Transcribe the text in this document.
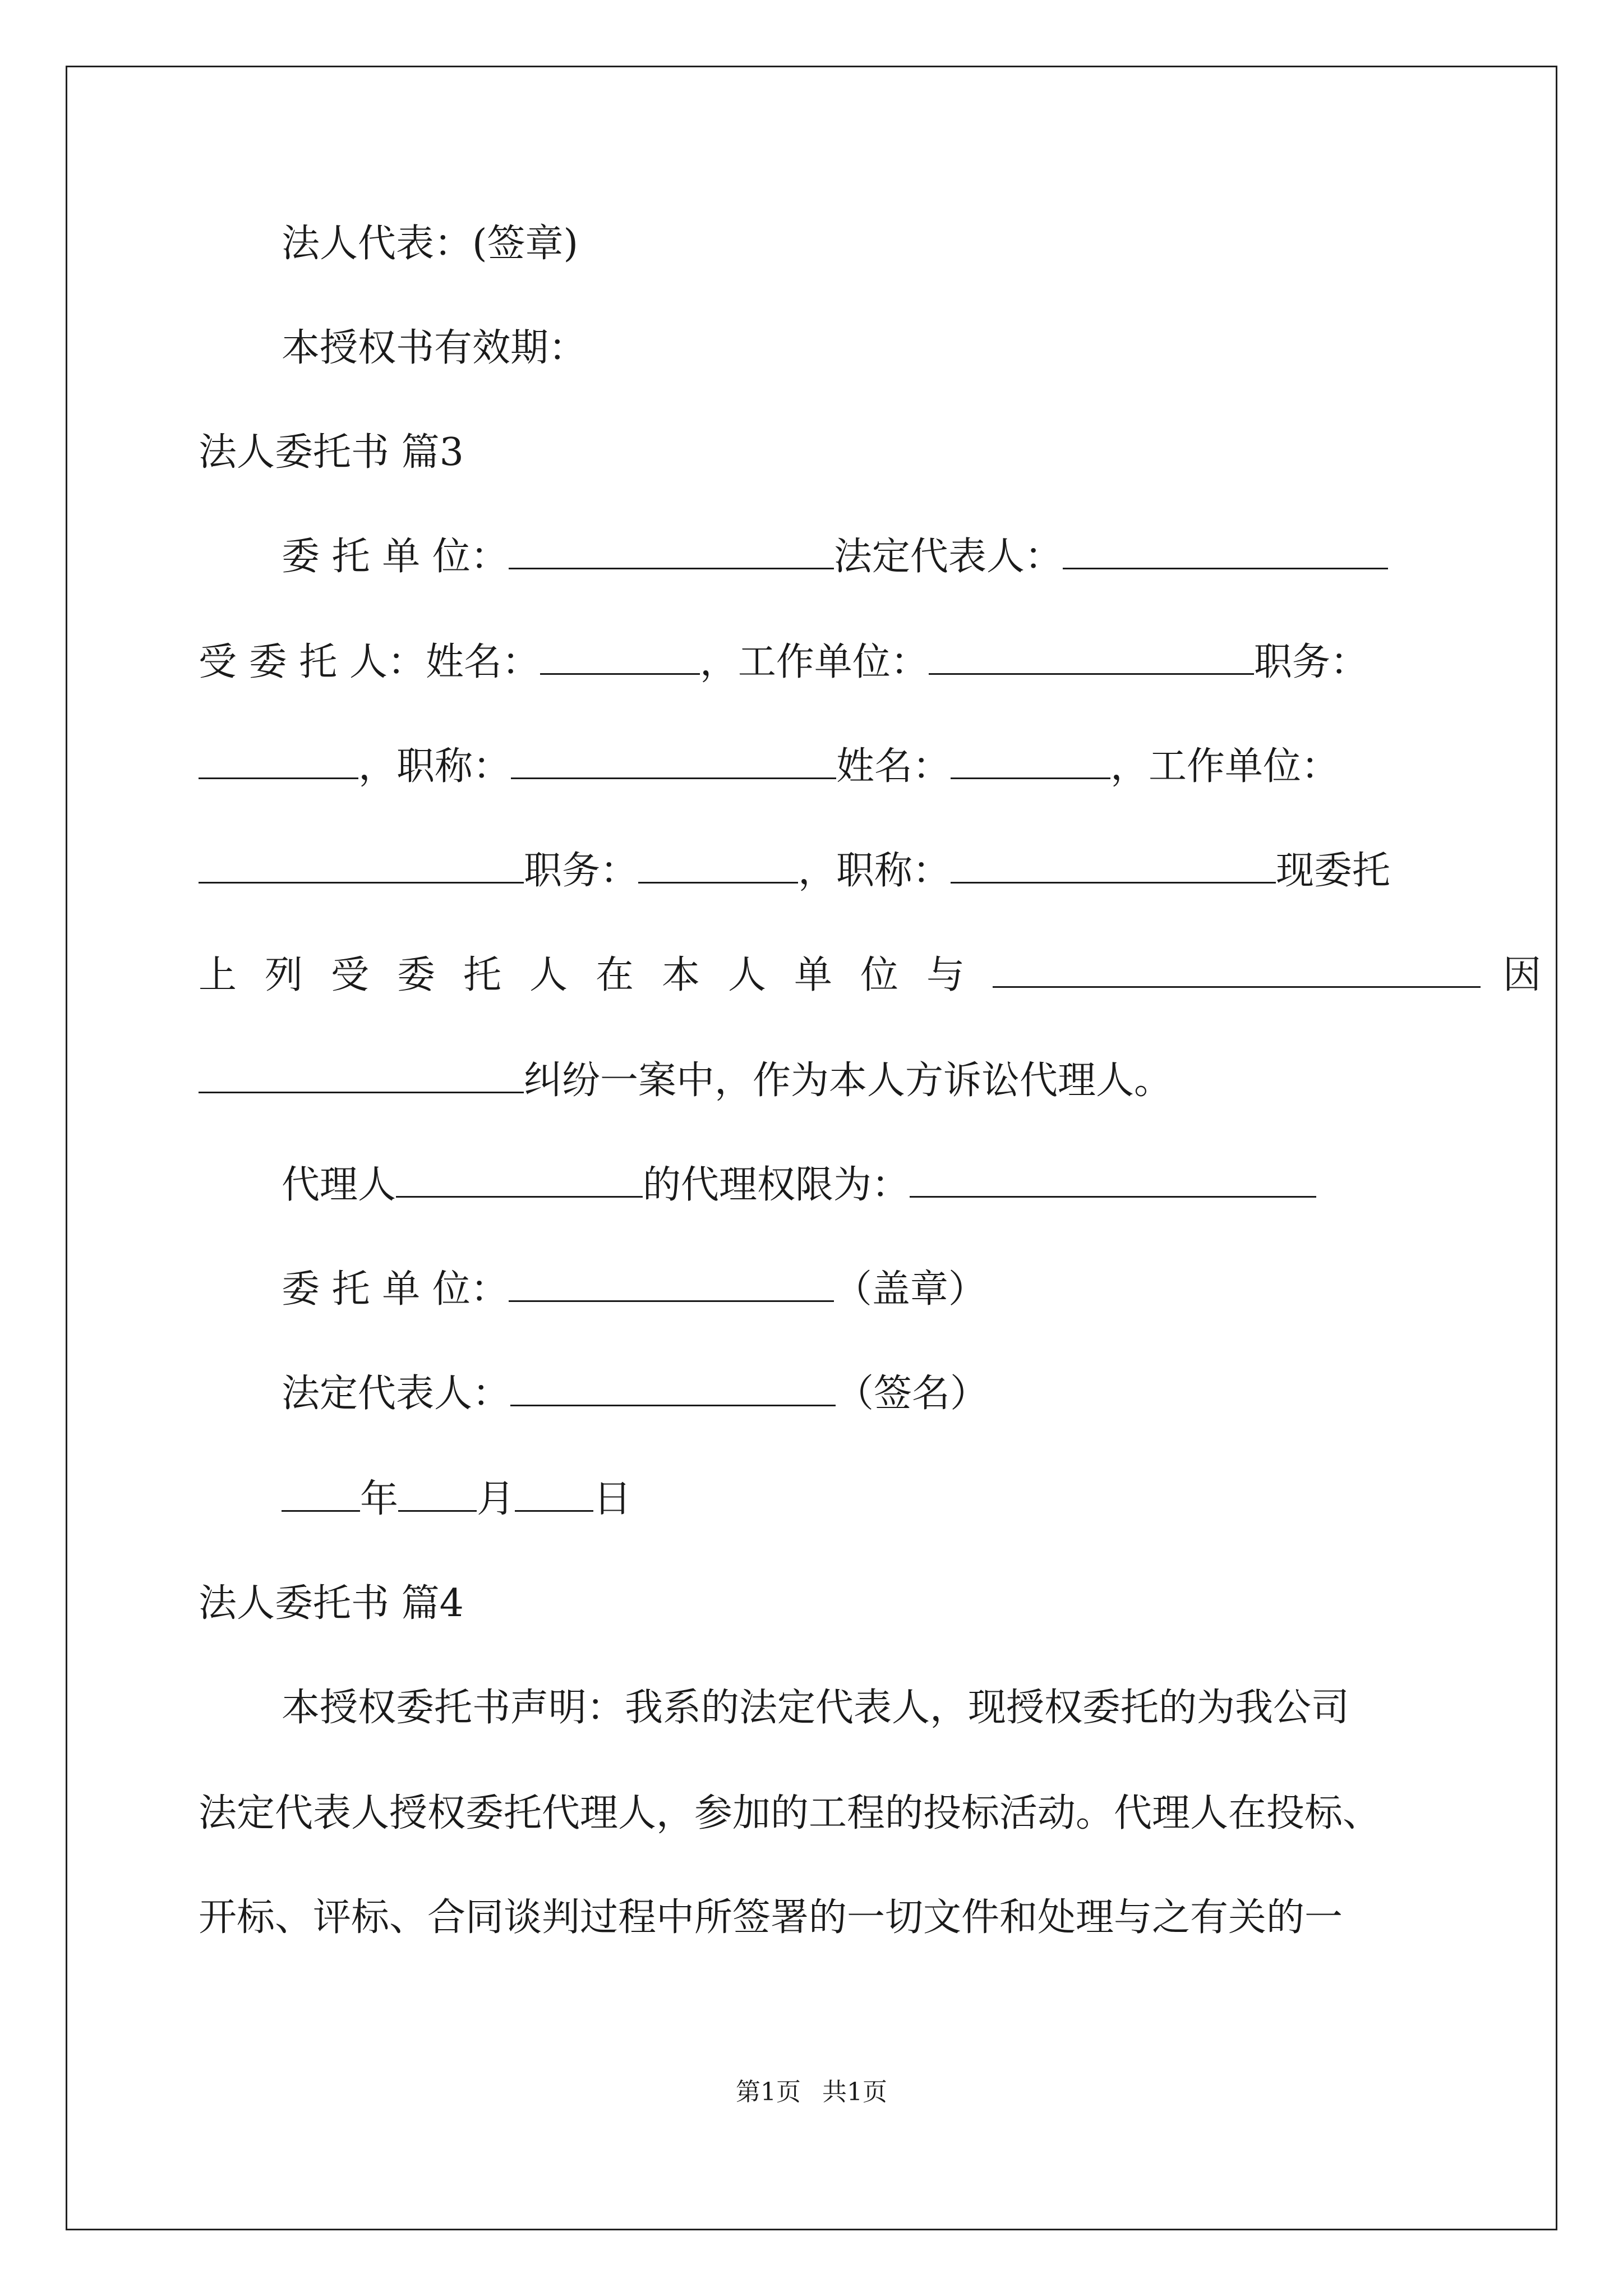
法人代表：(签章)
本授权书有效期：
法人委托书 篇3
委 托 单 位：	法定代表人：
受 委 托 人：姓名：	，工作单位：	职务：
，职称：	姓名：	，工作单位：
职务：	，职称：	现委托
上列受委托人在本人单位与	因
纠纷一案中，作为本人方诉讼代理人。
代理人	的代理权限为：
委 托 单 位：	（盖章）
法定代表人：	（签名）
年 月 日
法人委托书 篇4
本授权委托书声明：我系的法定代表人，现授权委托的为我公司
法定代表人授权委托代理人，参加的工程的投标活动。代理人在投标、
开标、评标、合同谈判过程中所签署的一切文件和处理与之有关的一
第1页 共1页
